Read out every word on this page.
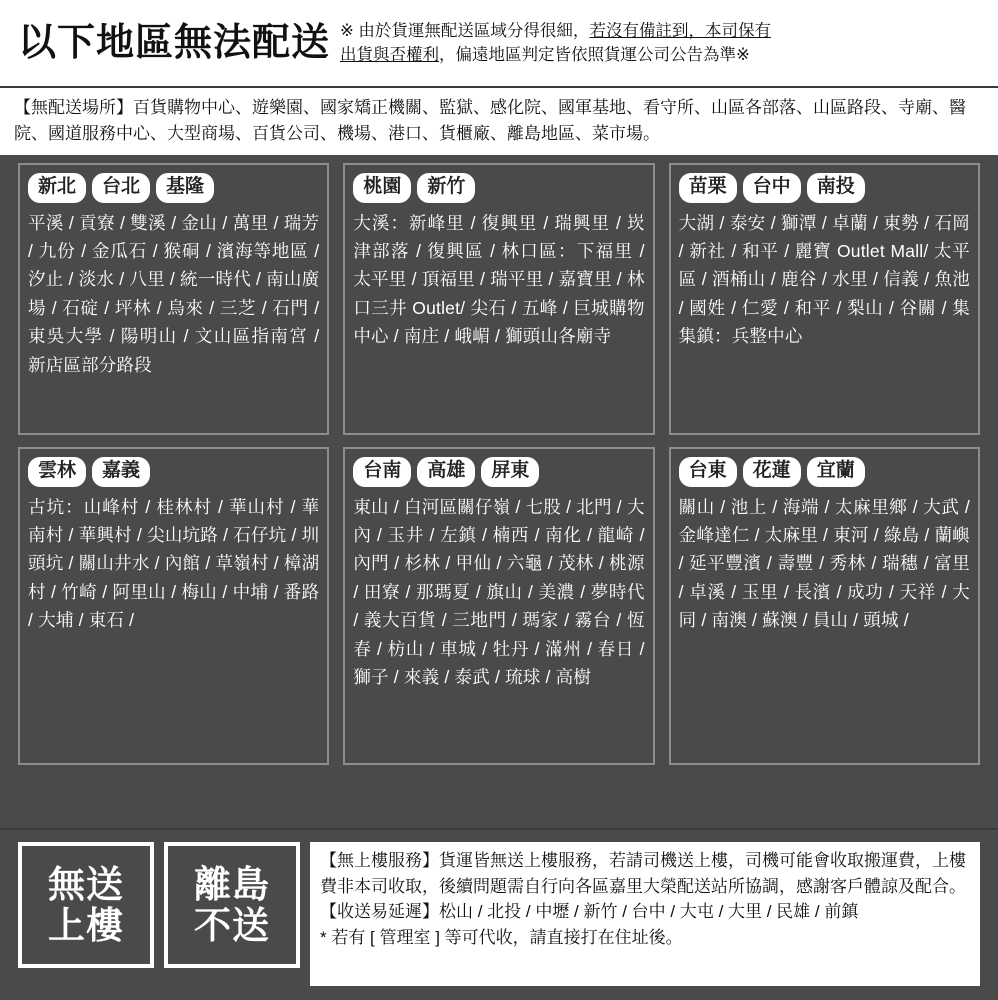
以下地區無法配送 ※ 由於貨運無配送區域分得很細，若沒有備註到，本司保有
出貨與否權利，偏遠地區判定皆依照貨運公司公告為準※
【無配送場所】百貨購物中心、遊樂園、國家矯正機關、監獄、感化院、國軍基地、看守所、山區各部落、山區路段、寺廟、醫院、國道服務中心、大型商場、百貨公司、機場、港口、貨櫃廠、離島地區、菜市場。
新北	台北	基隆
平溪 / 貢寮 / 雙溪 / 金山 / 萬里 / 瑞芳 / 九份 / 金瓜石 / 猴硐 / 濱海等地區 / 汐止 / 淡水 / 八里 / 統一時代 / 南山廣場 / 石碇 / 坪林 / 烏來 / 三芝 / 石門 / 東吳大學 / 陽明山 / 文山區指南宮 / 新店區部分路段
桃園	新竹
大溪：新峰里 / 復興里 / 瑞興里 / 崁津部落 / 復興區 / 林口區：下福里 / 太平里 / 頂福里 / 瑞平里 / 嘉寶里 / 林口三井 Outlet/ 尖石 / 五峰 / 巨城購物中心 / 南庄 / 峨嵋 / 獅頭山各廟寺
苗栗	台中	南投
大湖 / 泰安 / 獅潭 / 卓蘭 / 東勢 / 石岡 / 新社 / 和平 / 麗寶 Outlet Mall/ 太平區 / 酒桶山 / 鹿谷 / 水里 / 信義 / 魚池 / 國姓 / 仁愛 / 和平 / 梨山 / 谷關 / 集集鎮：兵整中心
雲林	嘉義
古坑：山峰村 / 桂林村 / 華山村 / 華南村 / 華興村 / 尖山坑路 / 石仔坑 / 圳頭坑 / 關山井水 / 內館 / 草嶺村 / 樟湖村 / 竹崎 / 阿里山 / 梅山 / 中埔 / 番路 / 大埔 / 東石 /
台南	高雄	屏東
東山 / 白河區關仔嶺 / 七股 / 北門 / 大內 / 玉井 / 左鎮 / 楠西 / 南化 / 龍崎 / 內門 / 杉林 / 甲仙 / 六龜 / 茂林 / 桃源 / 田寮 / 那瑪夏 / 旗山 / 美濃 / 夢時代 / 義大百貨 / 三地門 / 瑪家 / 霧台 / 恆春 / 枋山 / 車城 / 牡丹 / 滿州 / 春日 / 獅子 / 來義 / 泰武 / 琉球 / 高樹
台東	花蓮	宜蘭
關山 / 池上 / 海端 / 太麻里鄉 / 大武 / 金峰達仁 / 太麻里 / 東河 / 綠島 / 蘭嶼 / 延平豐濱 / 壽豐 / 秀林 / 瑞穗 / 富里 / 卓溪 / 玉里 / 長濱 / 成功 / 天祥 / 大同 / 南澳 / 蘇澳 / 員山 / 頭城 /
無送
上樓
離島
不送

【無上樓服務】貨運皆無送上樓服務，若請司機送上樓，司機可能會收取搬運費，上樓費非本司收取，後續問題需自行向各區嘉里大榮配送站所協調，感謝客戶體諒及配合。

【收送易延遲】松山 / 北投 / 中壢 / 新竹 / 台中 / 大屯 / 大里 / 民雄 / 前鎮

* 若有 [ 管理室 ] 等可代收，請直接打在住址後。
